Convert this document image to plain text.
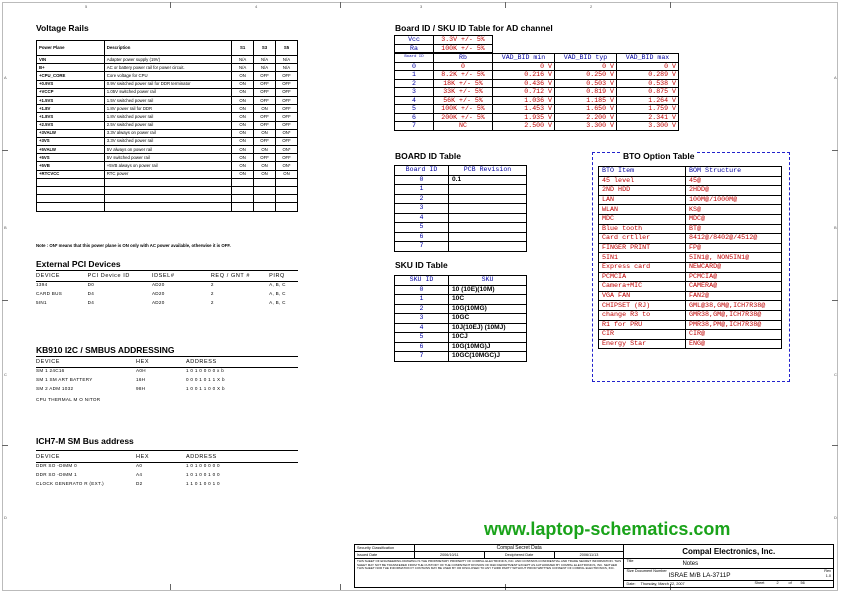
5	4	3	2
A
B
C
D
A
B
C
D
Voltage Rails
Power Plane	Description	S1	S3	S5
VIN	Adapter power supply (19V)	N/A	N/A	N/A
B+	AC or battery power rail for power circuit.	N/A	N/A	N/A
+CPU_CORE	Core voltage for CPU	ON	OFF	OFF
+0.9VS	0.9V switched power rail for DDR terminator	ON	OFF	OFF
+VCCP	1.05V switched power rail	ON	OFF	OFF
+1.5VS	1.5V switched power rail	ON	OFF	OFF
+1.8V	1.8V power rail for DDR	ON	ON	OFF
+1.8VS	1.8V switched power rail	ON	OFF	OFF
+2.5VS	2.5V switched power rail	ON	OFF	OFF
+3VALW	3.3V always on power rail	ON	ON	ON*
+3VS	3.3V switched power rail	ON	OFF	OFF
+5VALW	5V always on power rail	ON	ON	ON*
+5VS	5V switched power rail	ON	OFF	OFF
+5VB	+5VB always on power rail	ON	ON	ON*
+RTCVCC	RTC power	ON	ON	ON

Note : ON* means that this power plane is ON only with AC power available, otherwise it is OFF.
External PCI Devices
DEVICE	PCI Device ID	IDSEL#	REQ / GNT #	PIRQ
1394	D0	AD20	2	A, B, C
CARD BUS	D4	AD20	2	A, B, C
5IN1	D4	AD20	2	A, B, C
KB910 I2C / SMBUS ADDRESSING
DEVICE	HEX	ADDRESS
SM 1 24C16	A0H	1 0 1 0 0 0 0 x b
SM 1 SM ART BATTERY	16H	0 0 0 1 0 1 1 X b
SM 2 ADM 1032	98H	1 0 0 1 1 0 0 X b
CPU THERMAL M O NITOR
ICH7-M SM Bus address
DEVICE	HEX	ADDRESS
DDR SO -DIMM 0	A0	1 0 1 0 0 0 0 0
DDR SO -DIMM 1	A4	1 0 1 0 0 1 0 0
CLOCK GENERATO R (EXT.)	D2	1 1 0 1 0 0 1 0
Board ID / SKU ID Table for AD channel
Vcc	3.3V +/- 5%
Ra	100K +/- 5%
Board ID	Rb	VAD_BID min	VAD_BID typ	VAD_BID max
0	0	0 V	0 V	0 V
1	8.2K +/- 5%	0.216 V	0.250 V	0.289 V
2	18K +/- 5%	0.436 V	0.503 V	0.538 V
3	33K +/- 5%	0.712 V	0.819 V	0.875 V
4	56K +/- 5%	1.036 V	1.185 V	1.264 V
5	100K +/- 5%	1.453 V	1.650 V	1.759 V
6	200K +/- 5%	1.935 V	2.200 V	2.341 V
7	NC	2.500 V	3.300 V	3.300 V
BOARD ID Table
Board ID	PCB Revision
0	0.1
1	
2	
3	
4	
5	
6	
7	
SKU ID Table
SKU ID	SKU
0	10 (10E)(10M)
1	10C
2	10G(10MG)
3	10GC
4	10J(10EJ) (10MJ)
5	10CJ
6	10G(10MG)J
7	10GC(10MGC)J
BTO Option Table
BTO Item	BOM Structure
45 level	45@
2ND HDD	2HDD@
LAN	100M@/1000M@
WLAN	KS@
MDC	MDC@
Blue tooth	BT@
Card crtller	8412@/8402@/4512@
FINGER PRINT	FP@
5IN1	5IN1@, NON5IN1@
Express card	NEWCARD@
PCMCIA	PCMCIA@
Camera+MIC	CAMERA@
VGA FAN	FAN2@
CHIPSET (RJ)	GML@38,GM@,ICH7R38@
change R3 to	GMR38,GM@,ICH7R38@
R1 for PRU	PMR38,PM@,ICH7R38@
CIR	CIR@
Energy Star	ENG@
www.laptop-schematics.com
Security Classification	Compal Secret Data			Compal Electronics, Inc.
Issued Date	2006/10/11	Deciphered Date	2006/11/13	
THIS SHEET OF ENGINEERING DRAWING IS THE PROPRIETARY PROPERTY OF COMPAL ELECTRONICS, INC. AND CONTAINS CONFIDENTIAL AND TRADE SECRET INFORMATION. THIS SHEET MAY NOT BE TRANSFERED FROM THE CUSTODY OF THE COMPETENT DIVISION OF R&D DEPARTMENT EXCEPT AS AUTHORIZED BY COMPAL ELECTRONICS, INC. NEITHER THIS SHEET NOR THE INFORMATION IT CONTAINS MAY BE USED BY OR DISCLOSED TO ANY THIRD PARTY WITHOUT PRIOR WRITTEN CONSENT OF COMPAL ELECTRONICS, INC.				Title Notes

				Size Document Number
ISRAE M/B LA-3711P
Rev
1.0

				Date: Thursday, March 22, 2007 Sheet 2 of 56
